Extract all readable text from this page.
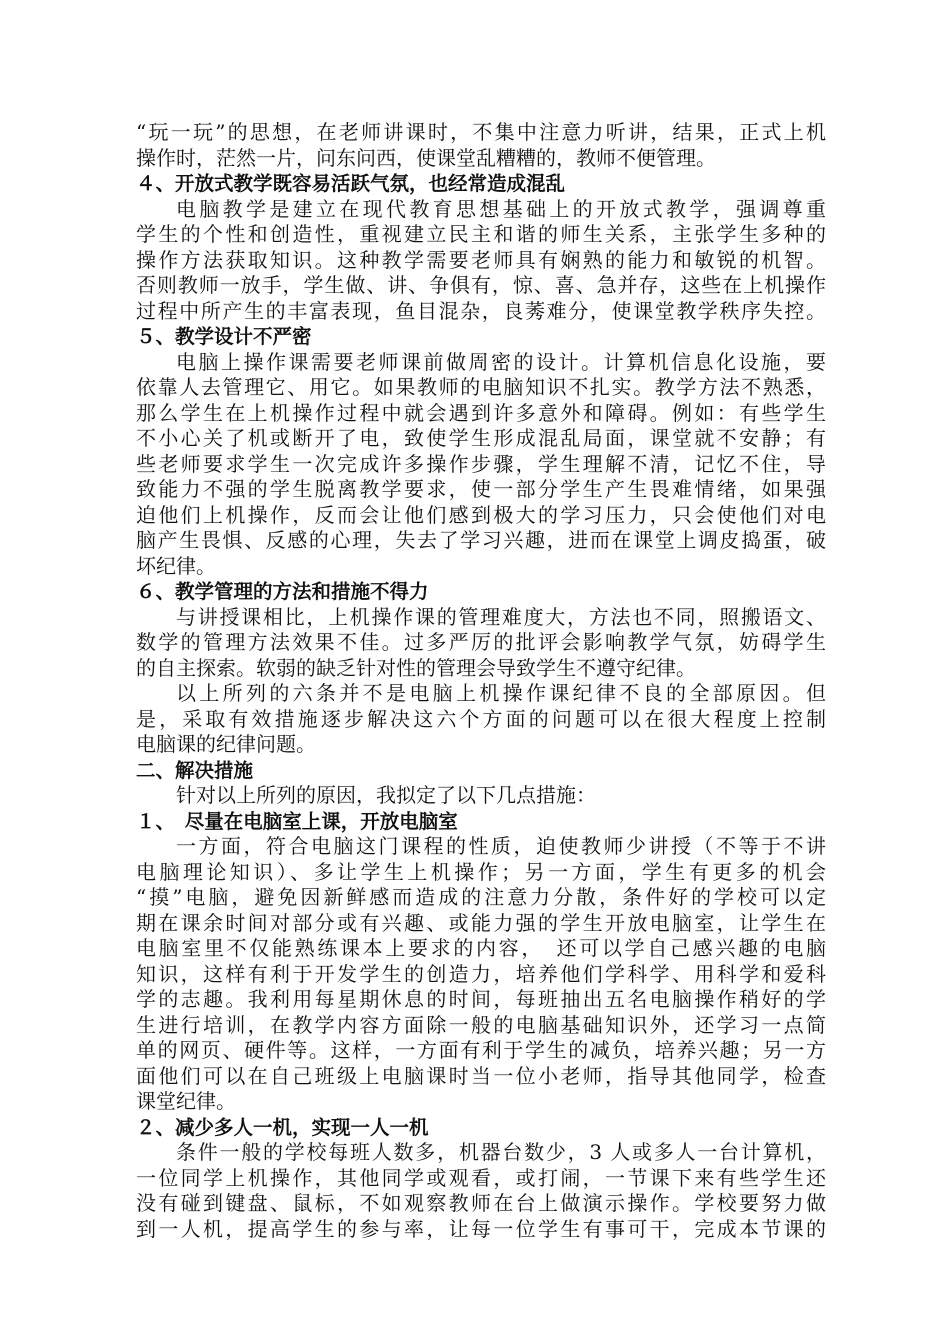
“玩一玩”的思想，在老师讲课时，不集中注意力听讲，结果，正式上机
操作时，茫然一片，问东问西，使课堂乱糟糟的，教师不便管理。
４、开放式教学既容易活跃气氛，也经常造成混乱
电脑教学是建立在现代教育思想基础上的开放式教学，强调尊重
学生的个性和创造性，重视建立民主和谐的师生关系，主张学生多种的
操作方法获取知识。这种教学需要老师具有娴熟的能力和敏锐的机智。
否则教师一放手，学生做、讲、争俱有，惊、喜、急并存，这些在上机操作
过程中所产生的丰富表现，鱼目混杂，良莠难分，使课堂教学秩序失控。
５、教学设计不严密
电脑上操作课需要老师课前做周密的设计。计算机信息化设施，要
依靠人去管理它、用它。如果教师的电脑知识不扎实。教学方法不熟悉，
那么学生在上机操作过程中就会遇到许多意外和障碍。例如：有些学生
不小心关了机或断开了电，致使学生形成混乱局面，课堂就不安静；有
些老师要求学生一次完成许多操作步骤，学生理解不清，记忆不住，导
致能力不强的学生脱离教学要求，使一部分学生产生畏难情绪，如果强
迫他们上机操作，反而会让他们感到极大的学习压力，只会使他们对电
脑产生畏惧、反感的心理，失去了学习兴趣，进而在课堂上调皮捣蛋，破
坏纪律。
６、教学管理的方法和措施不得力
与讲授课相比，上机操作课的管理难度大，方法也不同，照搬语文、
数学的管理方法效果不佳。过多严厉的批评会影响教学气氛，妨碍学生
的自主探索。软弱的缺乏针对性的管理会导致学生不遵守纪律。
以上所列的六条并不是电脑上机操作课纪律不良的全部原因。但
是，采取有效措施逐步解决这六个方面的问题可以在很大程度上控制
电脑课的纪律问题。
二、解决措施
针对以上所列的原因，我拟定了以下几点措施：
１、　尽量在电脑室上课，开放电脑室
一方面，符合电脑这门课程的性质，迫使教师少讲授（不等于不讲
电脑理论知识）、多让学生上机操作；另一方面，学生有更多的机会
“摸”电脑，避免因新鲜感而造成的注意力分散，条件好的学校可以定
期在课余时间对部分或有兴趣、或能力强的学生开放电脑室，让学生在
电脑室里不仅能熟练课本上要求的内容，　还可以学自己感兴趣的电脑
知识，这样有利于开发学生的创造力，培养他们学科学、用科学和爱科
学的志趣。我利用每星期休息的时间，每班抽出五名电脑操作稍好的学
生进行培训，在教学内容方面除一般的电脑基础知识外，还学习一点简
单的网页、硬件等。这样，一方面有利于学生的减负，培养兴趣；另一方
面他们可以在自己班级上电脑课时当一位小老师，指导其他同学，检查
课堂纪律。
２、减少多人一机，实现一人一机
条件一般的学校每班人数多，机器台数少，3 人或多人一台计算机，
一位同学上机操作，其他同学或观看，或打闹，一节课下来有些学生还
没有碰到键盘、鼠标，不如观察教师在台上做演示操作。学校要努力做
到一人机，提高学生的参与率，让每一位学生有事可干，完成本节课的
